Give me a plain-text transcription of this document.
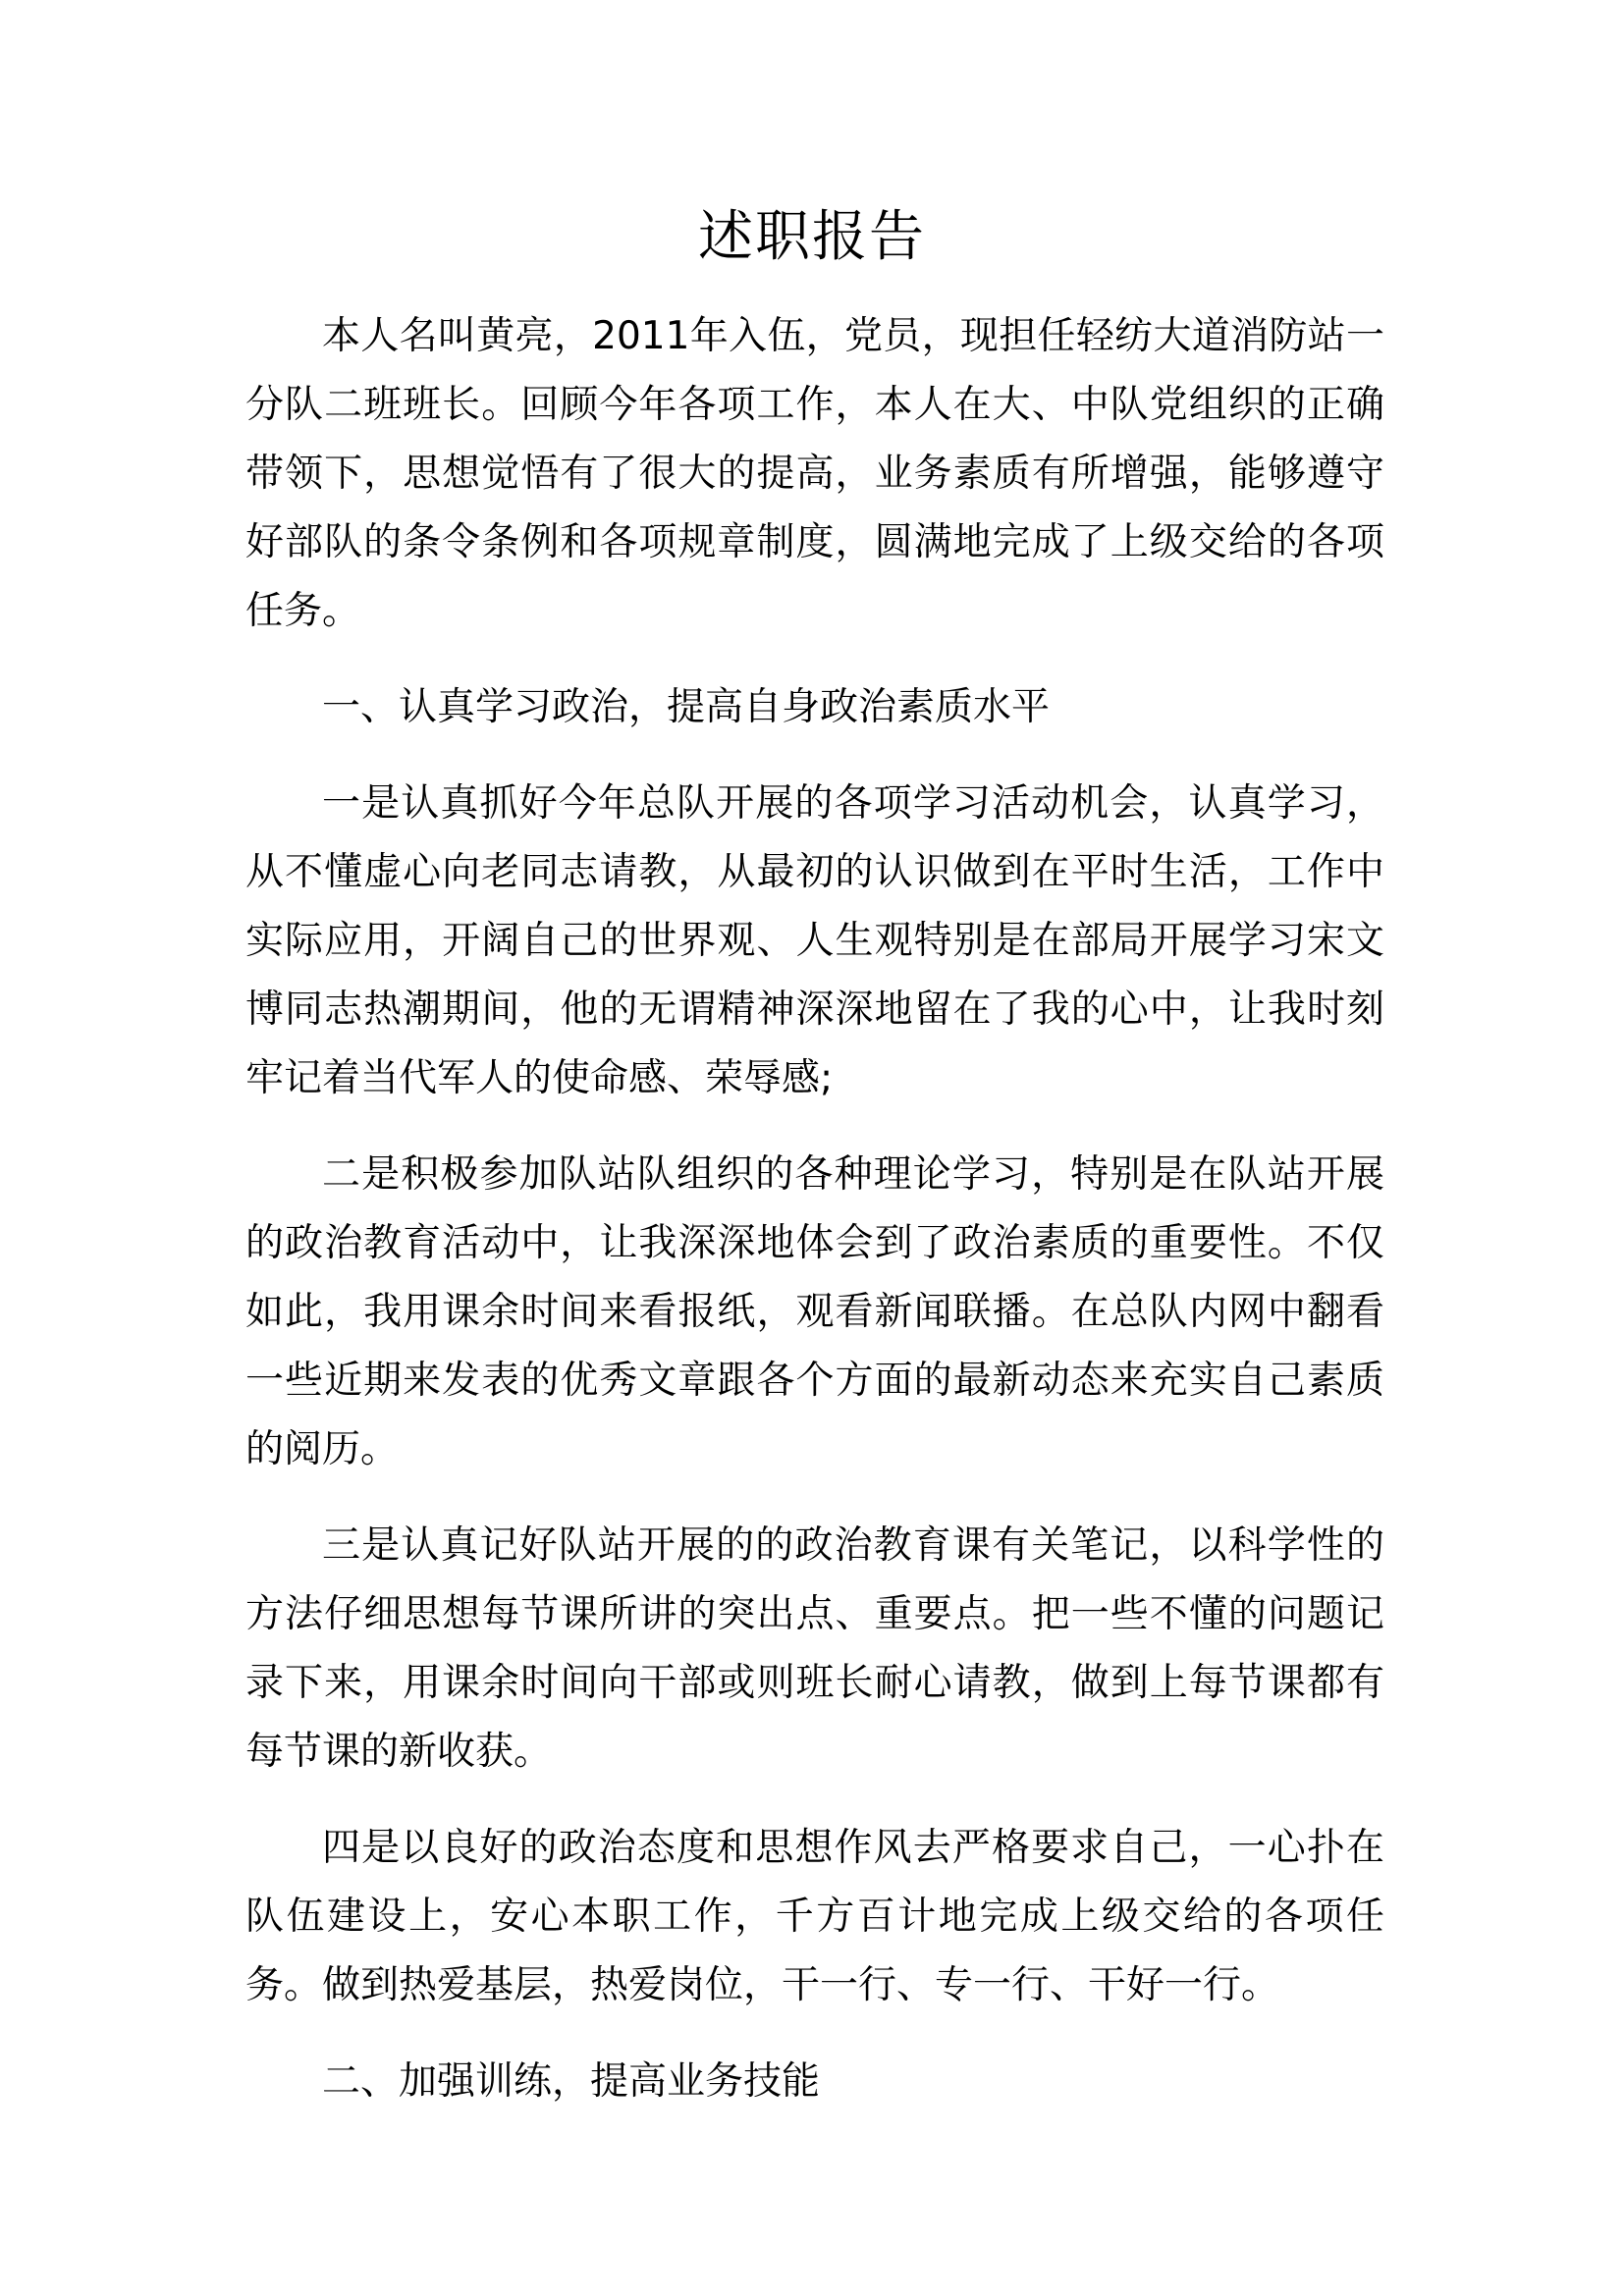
述职报告

本人名叫黄亮，2011年入伍，党员，现担任轻纺大道消防站一分队二班班长。回顾今年各项工作，本人在大、中队党组织的正确带领下，思想觉悟有了很大的提高，业务素质有所增强，能够遵守好部队的条令条例和各项规章制度，圆满地完成了上级交给的各项任务。

一、认真学习政治，提高自身政治素质水平

一是认真抓好今年总队开展的各项学习活动机会，认真学习，从不懂虚心向老同志请教，从最初的认识做到在平时生活，工作中实际应用，开阔自己的世界观、人生观特别是在部局开展学习宋文博同志热潮期间，他的无谓精神深深地留在了我的心中，让我时刻牢记着当代军人的使命感、荣辱感;

二是积极参加队站队组织的各种理论学习，特别是在队站开展的政治教育活动中，让我深深地体会到了政治素质的重要性。不仅如此，我用课余时间来看报纸，观看新闻联播。在总队内网中翻看一些近期来发表的优秀文章跟各个方面的最新动态来充实自己素质的阅历。

三是认真记好队站开展的的政治教育课有关笔记，以科学性的方法仔细思想每节课所讲的突出点、重要点。把一些不懂的问题记录下来，用课余时间向干部或则班长耐心请教，做到上每节课都有每节课的新收获。

四是以良好的政治态度和思想作风去严格要求自己，一心扑在队伍建设上，安心本职工作，千方百计地完成上级交给的各项任务。做到热爱基层，热爱岗位，干一行、专一行、干好一行。

二、加强训练，提高业务技能
